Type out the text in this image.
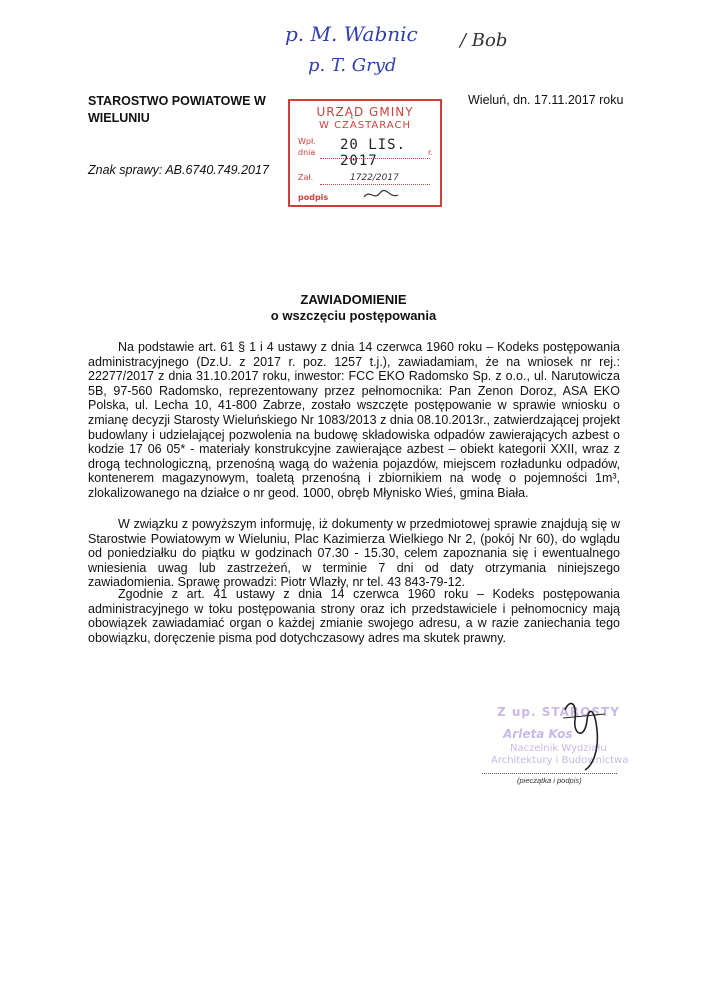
p. M. Wabnic
p. T. Gryd
/ Bob
STAROSTWO POWIATOWE W WIELUNIU
Wieluń, dn. 17.11.2017 roku
Znak sprawy: AB.6740.749.2017
URZĄD GMINY
W CZASTARACH
Wpł.
dnia 20 LIS. 2017
r.
Zał.	1722/2017
podpis
ZAWIADOMIENIE
o wszczęciu postępowania

Na podstawie art. 61 § 1 i 4 ustawy z dnia 14 czerwca 1960 roku – Kodeks postępowania administracyjnego (Dz.U. z 2017 r. poz. 1257 t.j.), zawiadamiam, że na wniosek nr rej.: 22277/2017 z dnia 31.10.2017 roku, inwestor: FCC EKO Radomsko Sp. z o.o., ul. Narutowicza 5B, 97-560 Radomsko, reprezentowany przez pełnomocnika: Pan Zenon Doroz, ASA EKO Polska, ul. Lecha 10, 41-800 Zabrze, zostało wszczęte postępowanie w sprawie wniosku o zmianę decyzji Starosty Wieluńskiego Nr 1083/2013 z dnia 08.10.2013r., zatwierdzającej projekt budowlany i udzielającej pozwolenia na budowę składowiska odpadów zawierających azbest o kodzie 17 06 05* - materiały konstrukcyjne zawierające azbest – obiekt kategorii XXII, wraz z drogą technologiczną, przenośną wagą do ważenia pojazdów, miejscem rozładunku odpadów, kontenerem magazynowym, toaletą przenośną i zbiornikiem na wodę o pojemności 1m³, zlokalizowanego na działce o nr geod. 1000, obręb Młynisko Wieś, gmina Biała.

W związku z powyższym informuję, iż dokumenty w przedmiotowej sprawie znajdują się w Starostwie Powiatowym w Wieluniu, Plac Kazimierza Wielkiego Nr 2, (pokój Nr 60), do wglądu od poniedziałku do piątku w godzinach 07.30 - 15.30, celem zapoznania się i ewentualnego wniesienia uwag lub zastrzeżeń, w terminie 7 dni od daty otrzymania niniejszego zawiadomienia. Sprawę prowadzi: Piotr Wlazły, nr tel. 43 843-79-12.

Zgodnie z art. 41 ustawy z dnia 14 czerwca 1960 roku – Kodeks postępowania administracyjnego w toku postępowania strony oraz ich przedstawiciele i pełnomocnicy mają obowiązek zawiadamiać organ o każdej zmianie swojego adresu, a w razie zaniechania tego obowiązku, doręczenie pisma pod dotychczasowy adres ma skutek prawny.

Z up. STAROSTY
Arleta Kos
Naczelnik Wydziału
Architektury i Budownictwa
(pieczątka i podpis)
